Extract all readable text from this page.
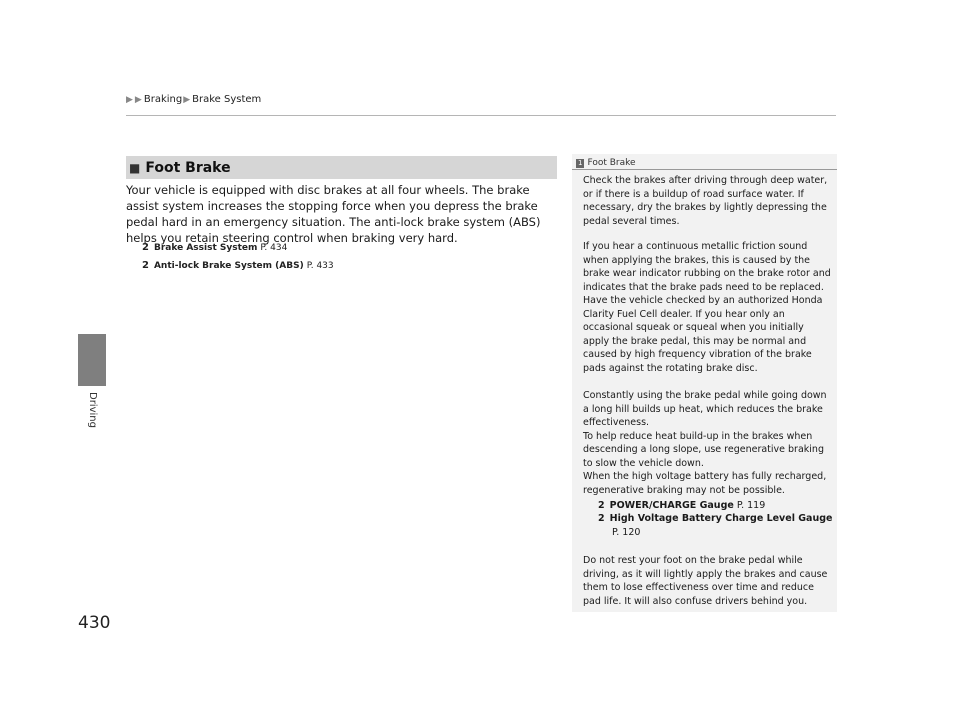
▶ ▶ Braking ▶ Brake System
Driving
430
■ Foot Brake

Your vehicle is equipped with disc brakes at all four wheels. The brake assist system increases the stopping force when you depress the brake pedal hard in an emergency situation. The anti-lock brake system (ABS) helps you retain steering control when braking very hard.

2 Brake Assist System P. 434
2 Anti-lock Brake System (ABS) P. 433
1 Foot Brake

Check the brakes after driving through deep water, or if there is a buildup of road surface water. If necessary, dry the brakes by lightly depressing the pedal several times.

If you hear a continuous metallic friction sound when applying the brakes, this is caused by the brake wear indicator rubbing on the brake rotor and indicates that the brake pads need to be replaced. Have the vehicle checked by an authorized Honda Clarity Fuel Cell dealer. If you hear only an occasional squeak or squeal when you initially apply the brake pedal, this may be normal and caused by high frequency vibration of the brake pads against the rotating brake disc.

Constantly using the brake pedal while going down a long hill builds up heat, which reduces the brake effectiveness.
To help reduce heat build-up in the brakes when descending a long slope, use regenerative braking to slow the vehicle down.
When the high voltage battery has fully recharged, regenerative braking may not be possible.

2 POWER/CHARGE Gauge P. 119
2 High Voltage Battery Charge Level Gauge
P. 120

Do not rest your foot on the brake pedal while driving, as it will lightly apply the brakes and cause them to lose effectiveness over time and reduce pad life. It will also confuse drivers behind you.
